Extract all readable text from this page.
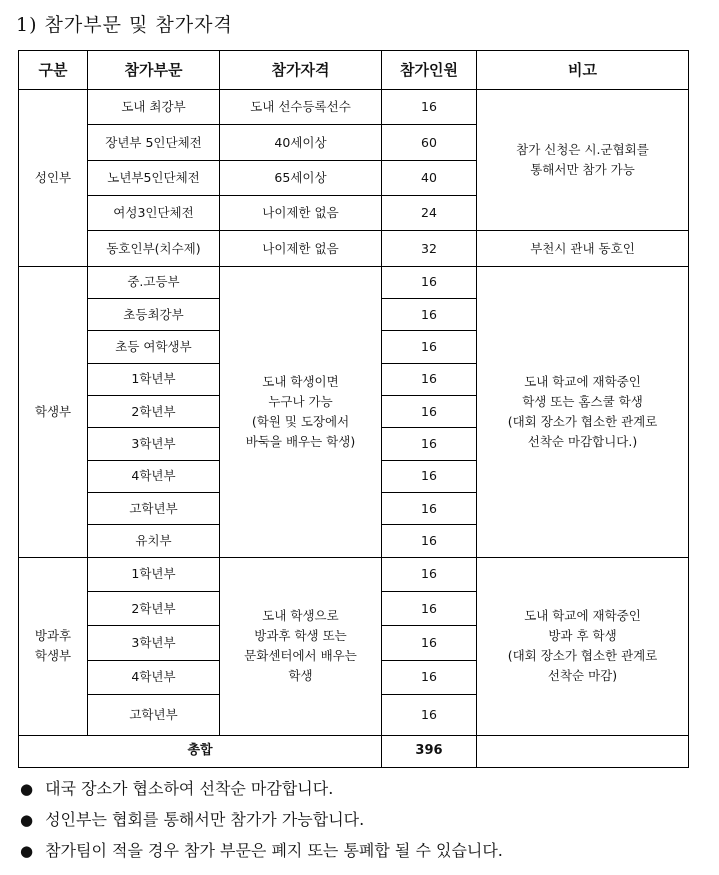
1) 참가부문 및 참가자격
구분	참가부문	참가자격	참가인원	비고
성인부	도내 최강부	도내 선수등록선수	16	참가 신청은 시.군협회를
통해서만 참가 가능
	장년부 5인단체전	40세이상	60	
	노년부5인단체전	65세이상	40	
	여성3인단체전	나이제한 없음	24	
	동호인부(치수제)	나이제한 없음	32	부천시 관내 동호인
학생부	중.고등부	도내 학생이면
누구나 가능
(학원 및 도장에서
바둑을 배우는 학생)	16	도내 학교에 재학중인
학생 또는 홈스쿨 학생
(대회 장소가 협소한 관계로
선착순 마감합니다.)
	초등최강부		16	
	초등 여학생부		16	
	1학년부		16	
	2학년부		16	
	3학년부		16	
	4학년부		16	
	고학년부		16	
	유치부		16	
방과후
학생부	1학년부	도내 학생으로
방과후 학생 또는
문화센터에서 배우는
학생	16	도내 학교에 재학중인
방과 후 학생
(대회 장소가 협소한 관계로
선착순 마감)
	2학년부		16	
	3학년부		16	
	4학년부		16	
	고학년부		16	
총합			396	
● 대국 장소가 협소하여 선착순 마감합니다.
● 성인부는 협회를 통해서만 참가가 가능합니다.
● 참가팀이 적을 경우 참가 부문은 폐지 또는 통폐합 될 수 있습니다.
